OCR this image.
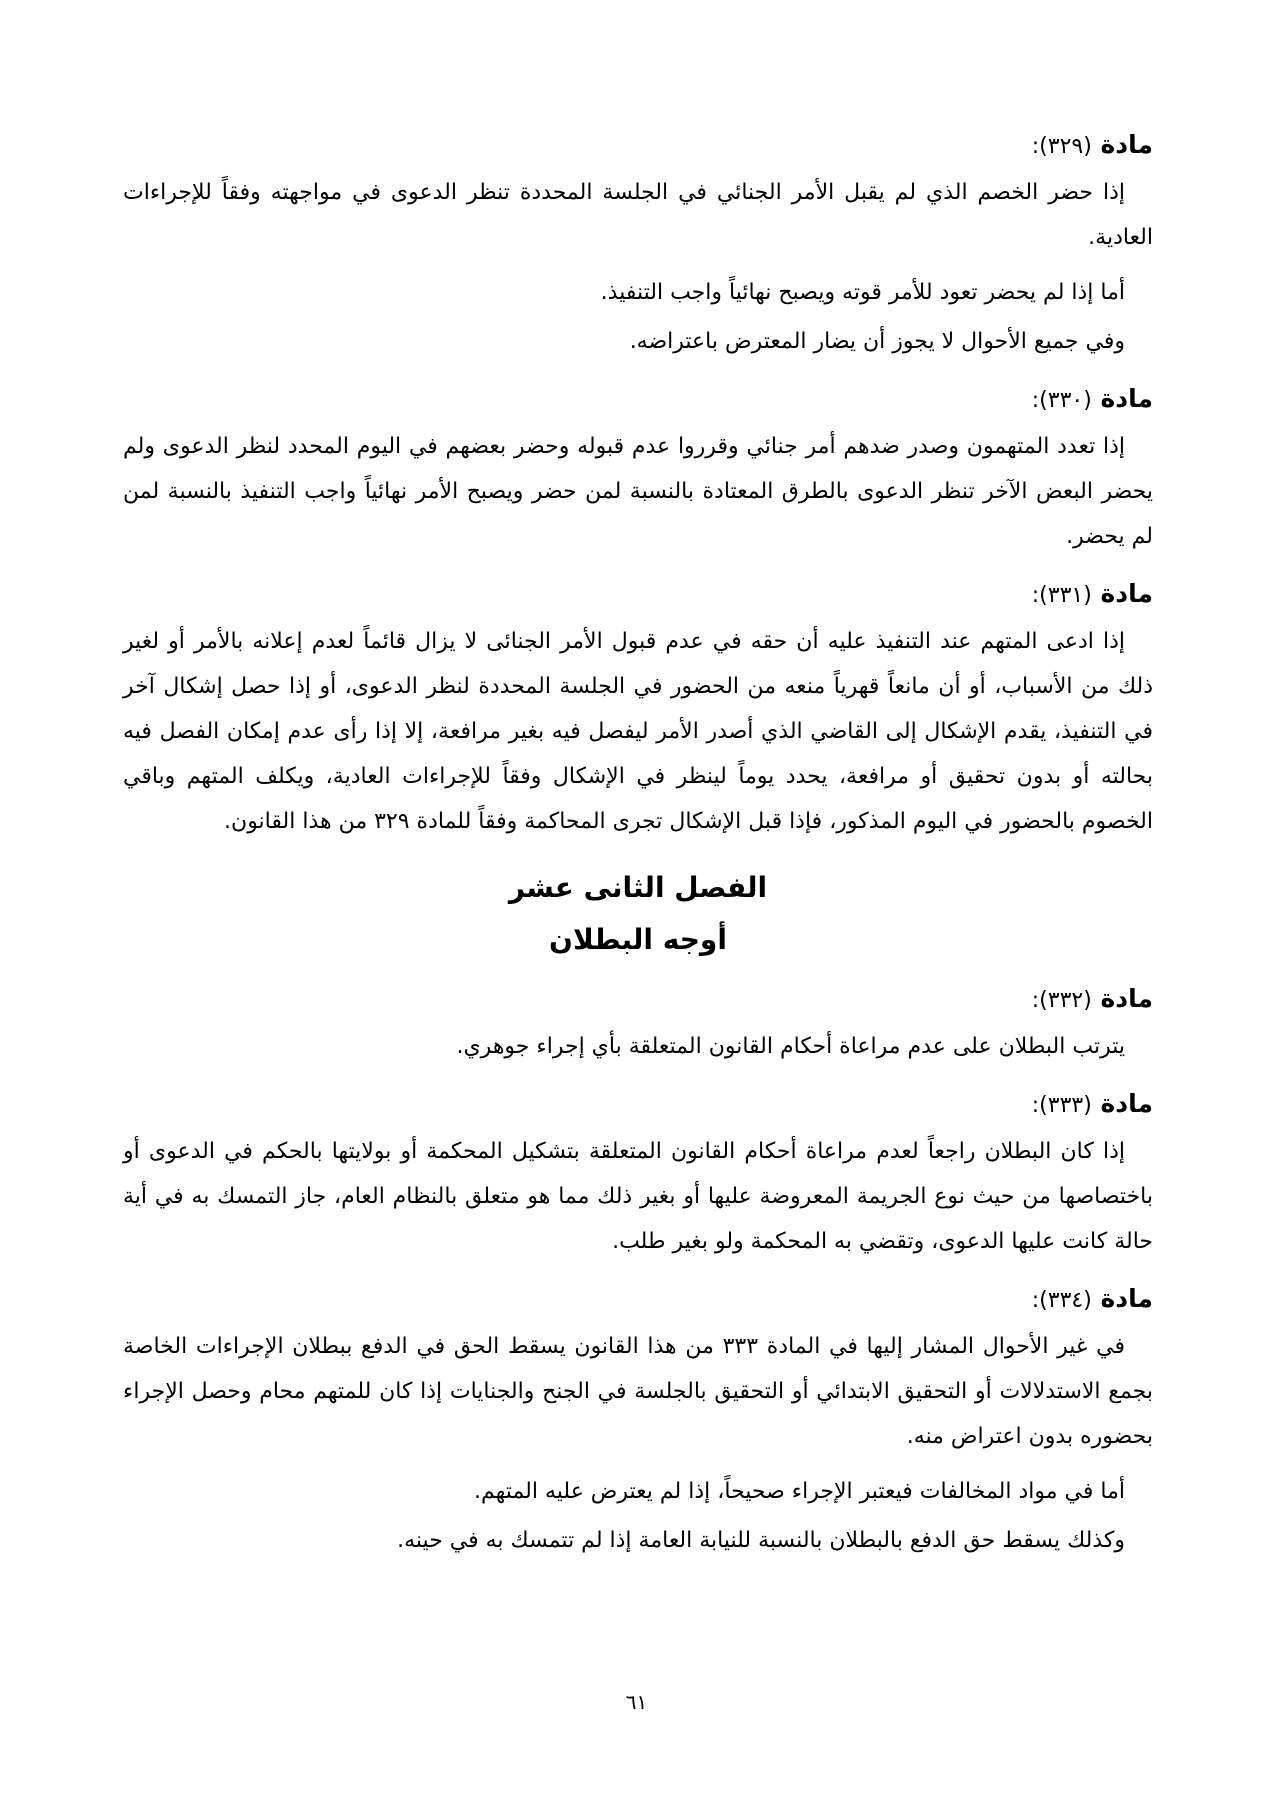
مادة (٣٢٩):

إذا حضر الخصم الذي لم يقبل الأمر الجنائي في الجلسة المحددة تنظر الدعوى في مواجهته وفقاً للإجراءات العادية.

أما إذا لم يحضر تعود للأمر قوته ويصبح نهائياً واجب التنفيذ.

وفي جميع الأحوال لا يجوز أن يضار المعترض باعتراضه.

مادة (٣٣٠):

إذا تعدد المتهمون وصدر ضدهم أمر جنائي وقرروا عدم قبوله وحضر بعضهم في اليوم المحدد لنظر الدعوى ولم يحضر البعض الآخر تنظر الدعوى بالطرق المعتادة بالنسبة لمن حضر ويصبح الأمر نهائياً واجب التنفيذ بالنسبة لمن لم يحضر.

مادة (٣٣١):

إذا ادعى المتهم عند التنفيذ عليه أن حقه في عدم قبول الأمر الجنائى لا يزال قائماً لعدم إعلانه بالأمر أو لغير ذلك من الأسباب، أو أن مانعاً قهرياً منعه من الحضور في الجلسة المحددة لنظر الدعوى، أو إذا حصل إشكال آخر في التنفيذ، يقدم الإشكال إلى القاضي الذي أصدر الأمر ليفصل فيه بغير مرافعة، إلا إذا رأى عدم إمكان الفصل فيه بحالته أو بدون تحقيق أو مرافعة، يحدد يوماً لينظر في الإشكال وفقاً للإجراءات العادية، ويكلف المتهم وباقي الخصوم بالحضور في اليوم المذكور، فإذا قبل الإشكال تجرى المحاكمة وفقاً للمادة ٣٢٩ من هذا القانون.

الفصل الثانى عشر
أوجه البطلان
مادة (٣٣٢):

يترتب البطلان على عدم مراعاة أحكام القانون المتعلقة بأي إجراء جوهري.

مادة (٣٣٣):

إذا كان البطلان راجعاً لعدم مراعاة أحكام القانون المتعلقة بتشكيل المحكمة أو بولايتها بالحكم في الدعوى أو باختصاصها من حيث نوع الجريمة المعروضة عليها أو بغير ذلك مما هو متعلق بالنظام العام، جاز التمسك به في أية حالة كانت عليها الدعوى، وتقضي به المحكمة ولو بغير طلب.

مادة (٣٣٤):

في غير الأحوال المشار إليها في المادة ٣٣٣ من هذا القانون يسقط الحق في الدفع ببطلان الإجراءات الخاصة بجمع الاستدلالات أو التحقيق الابتدائي أو التحقيق بالجلسة في الجنح والجنايات إذا كان للمتهم محام وحصل الإجراء بحضوره بدون اعتراض منه.

أما في مواد المخالفات فيعتبر الإجراء صحيحاً، إذا لم يعترض عليه المتهم.

وكذلك يسقط حق الدفع بالبطلان بالنسبة للنيابة العامة إذا لم تتمسك به في حينه.

٦١
